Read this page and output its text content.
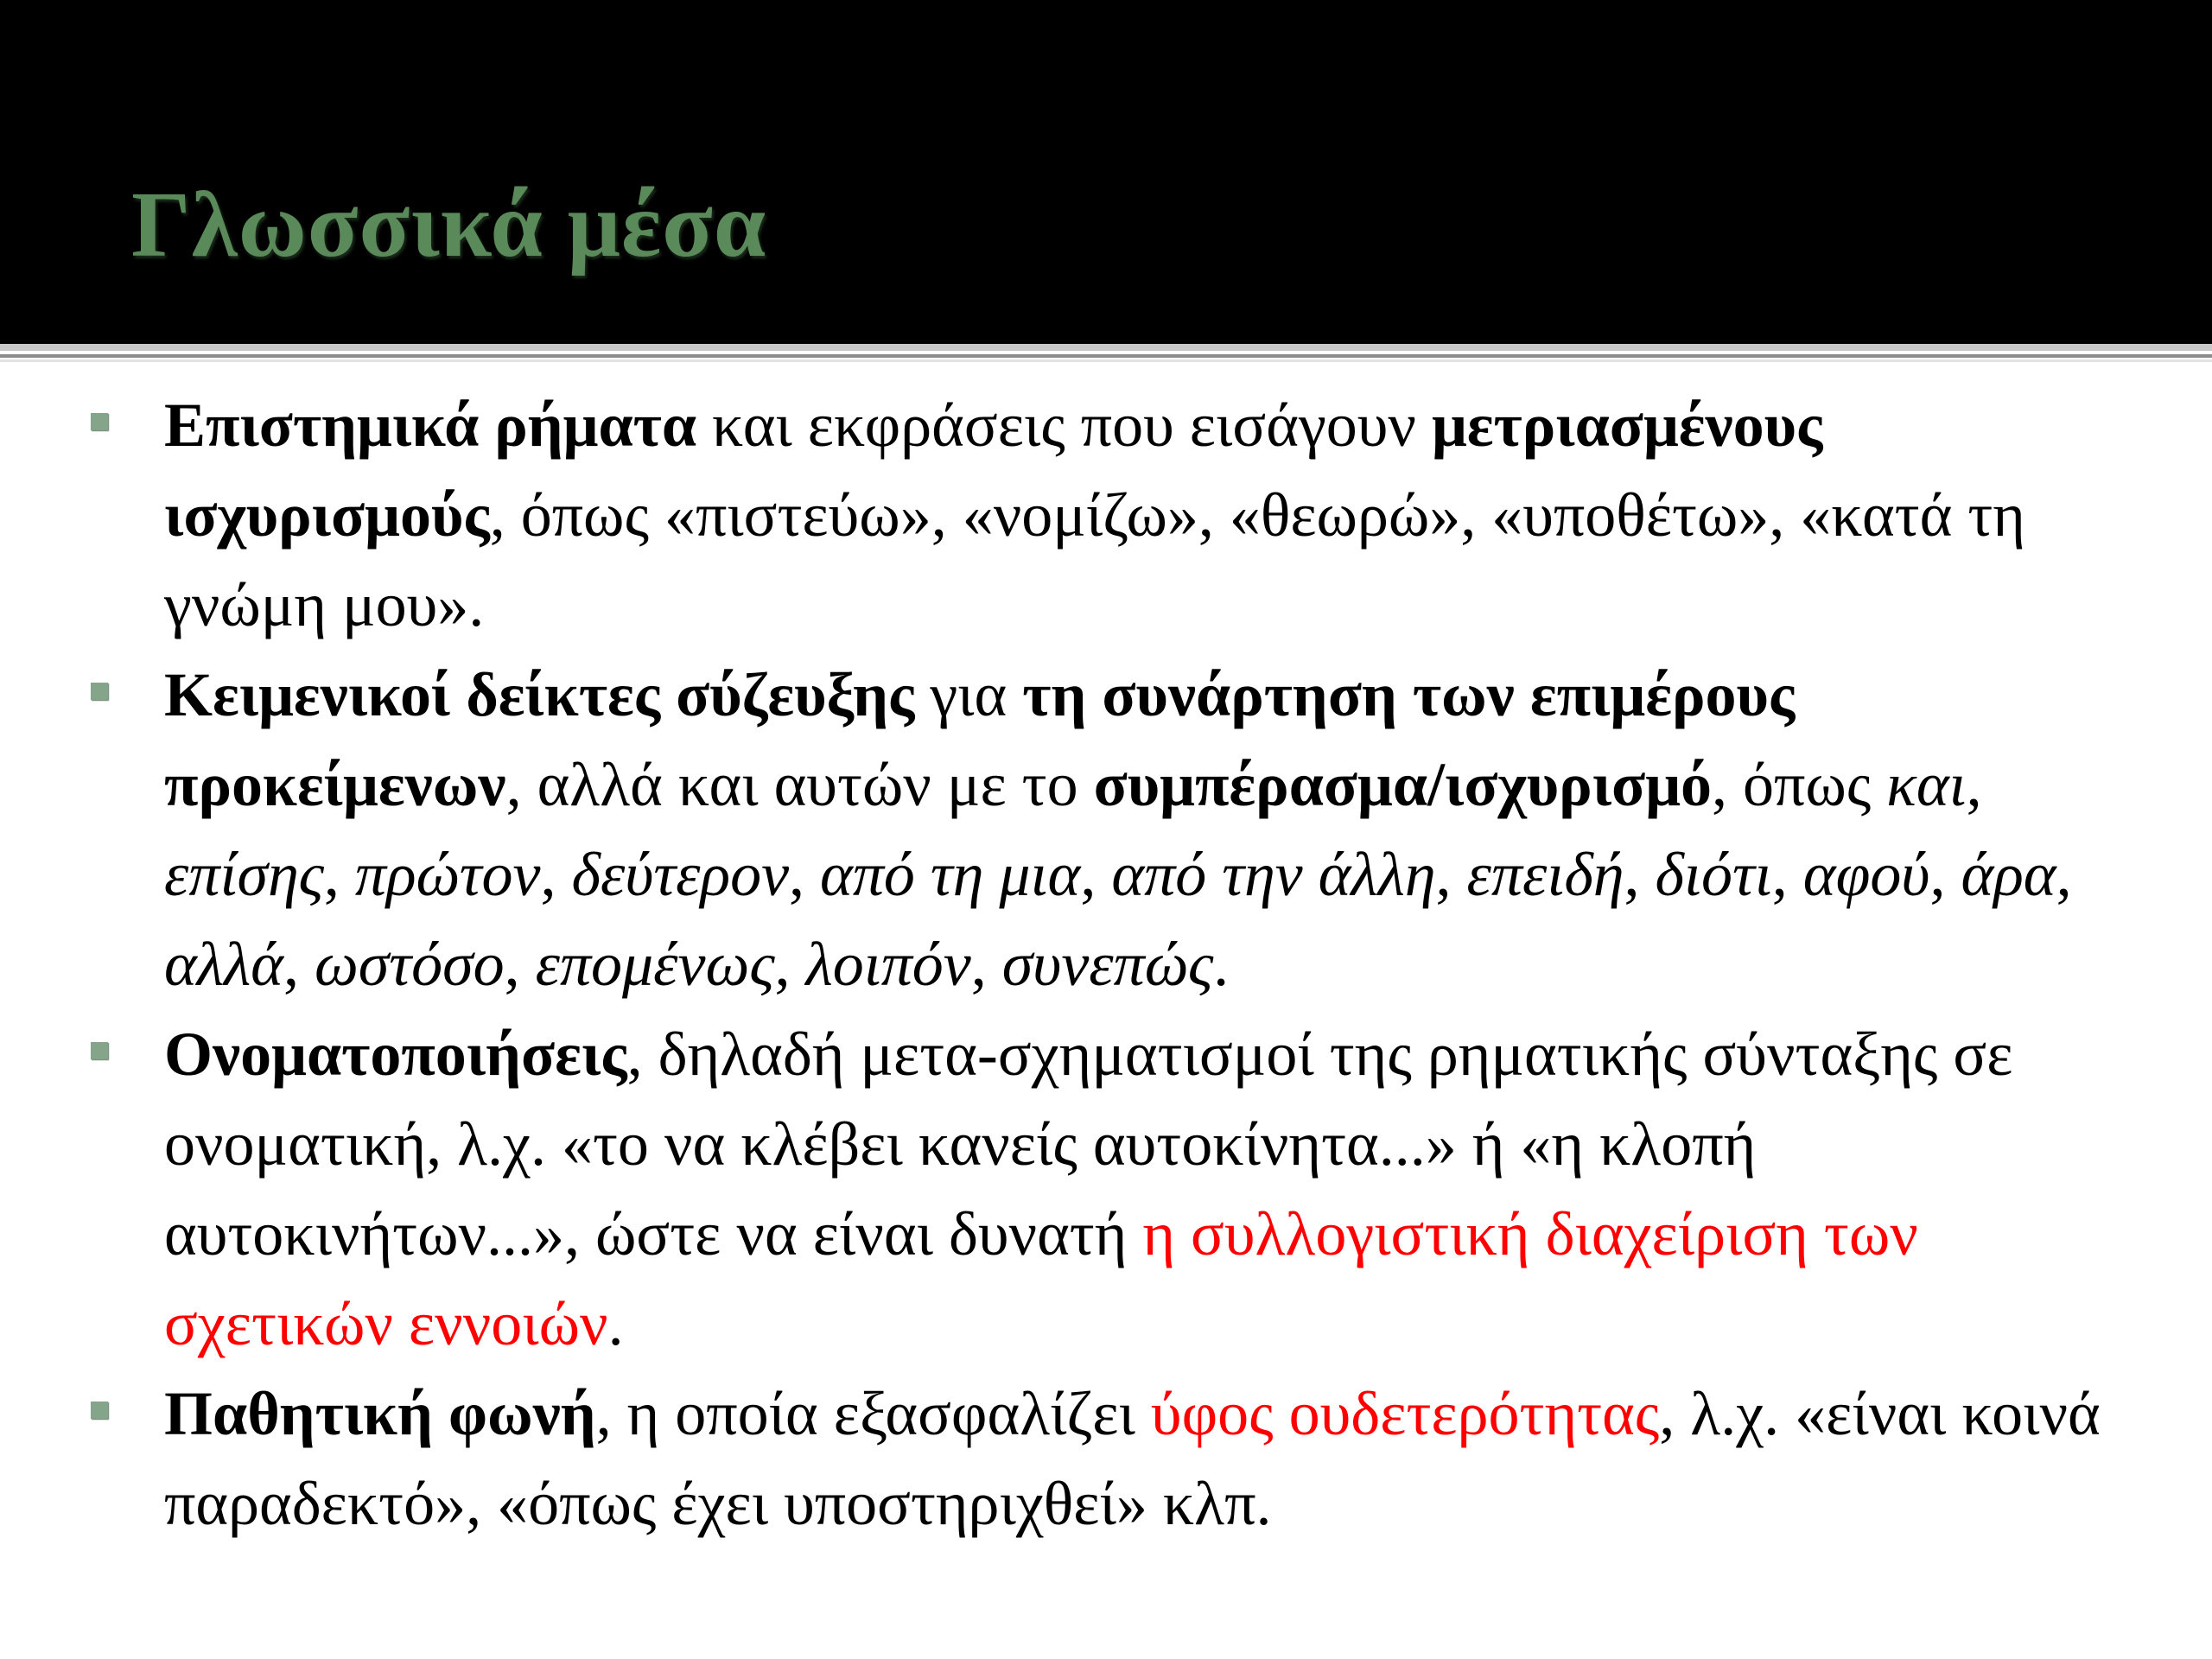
Γλωσσικά μέσα
Επιστημικά ρήματα και εκφράσεις που εισάγουν μετριασμένους ισχυρισμούς, όπως «πιστεύω», «νομίζω», «θεωρώ», «υποθέτω», «κατά τη γνώμη μου».
Κειμενικοί δείκτες σύζευξης για τη συνάρτηση των επιμέρους προκείμενων, αλλά και αυτών με το συμπέρασμα/ισχυρισμό, όπως και, επίσης, πρώτον, δεύτερον, από τη μια, από την άλλη, επειδή, διότι, αφού, άρα, αλλά, ωστόσο, επομένως, λοιπόν, συνεπώς.
Ονοματοποιήσεις, δηλαδή μετα-σχηματισμοί της ρηματικής σύνταξης σε ονοματική, λ.χ. «το να κλέβει κανείς αυτοκίνητα...» ή «η κλοπή αυτοκινήτων...», ώστε να είναι δυνατή η συλλογιστική διαχείριση των σχετικών εννοιών.
Παθητική φωνή, η οποία εξασφαλίζει ύφος ουδετερότητας, λ.χ. «είναι κοινά παραδεκτό», «όπως έχει υποστηριχθεί» κλπ.
